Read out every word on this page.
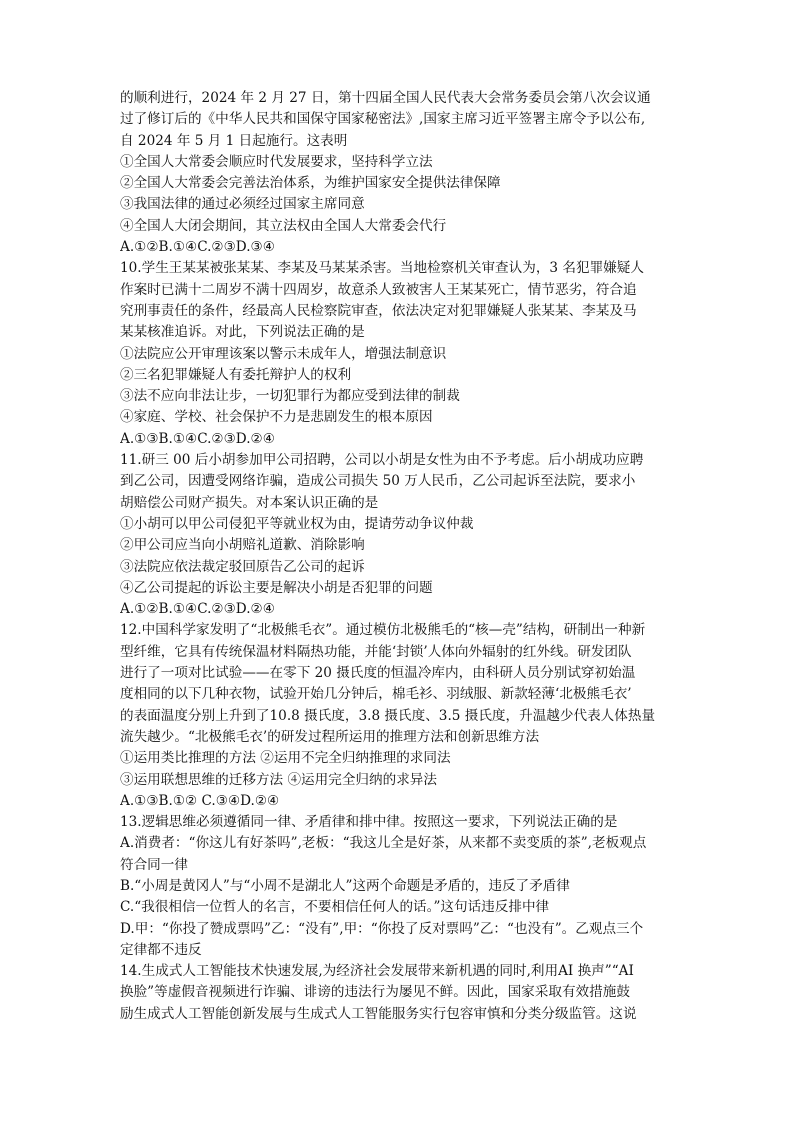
的顺利进行，2024 年 2 月 27 日，第十四届全国人民代表大会常务委员会第八次会议通
过了修订后的《中华人民共和国保守国家秘密法》,国家主席习近平签署主席令予以公布,
自 2024 年 5 月 1 日起施行。这表明
①全国人大常委会顺应时代发展要求，坚持科学立法
②全国人大常委会完善法治体系，为维护国家安全提供法律保障
③我国法律的通过必须经过国家主席同意
④全国人大闭会期间，其立法权由全国人大常委会代行
A.①②B.①④C.②③D.③④
10.学生王某某被张某某、李某及马某某杀害。当地检察机关审查认为，3 名犯罪嫌疑人
作案时已满十二周岁不满十四周岁，故意杀人致被害人王某某死亡，情节恶劣，符合追
究刑事责任的条件，经最高人民检察院审查，依法决定对犯罪嫌疑人张某某、李某及马
某某核准追诉。对此，下列说法正确的是
①法院应公开审理该案以警示未成年人，增强法制意识
②三名犯罪嫌疑人有委托辩护人的权利
③法不应向非法让步，一切犯罪行为都应受到法律的制裁
④家庭、学校、社会保护不力是悲剧发生的根本原因
A.①③B.①④C.②③D.②④
11.研三 00 后小胡参加甲公司招聘，公司以小胡是女性为由不予考虑。后小胡成功应聘
到乙公司，因遭受网络诈骗，造成公司损失 50 万人民币，乙公司起诉至法院，要求小
胡赔偿公司财产损失。对本案认识正确的是
①小胡可以甲公司侵犯平等就业权为由，提请劳动争议仲裁
②甲公司应当向小胡赔礼道歉、消除影响
③法院应依法裁定驳回原告乙公司的起诉
④乙公司提起的诉讼主要是解决小胡是否犯罪的问题
A.①②B.①④C.②③D.②④
12.中国科学家发明了“北极熊毛衣”。通过模仿北极熊毛的“核—壳”结构，研制出一种新
型纤维，它具有传统保温材料隔热功能，并能‘封锁’人体向外辐射的红外线。研发团队
进行了一项对比试验——在零下 20 摄氏度的恒温冷库内，由科研人员分别试穿初始温
度相同的以下几种衣物，试验开始几分钟后，棉毛衫、羽绒服、新款轻薄‘北极熊毛衣’
的表面温度分别上升到了10.8 摄氏度，3.8 摄氏度、3.5 摄氏度，升温越少代表人体热量
流失越少。“北极熊毛衣’的研发过程所运用的推理方法和创新思维方法
①运用类比推理的方法 ②运用不完全归纳推理的求同法
③运用联想思维的迁移方法 ④运用完全归纳的求异法
A.①③B.①② C.③④D.②④
13.逻辑思维必须遵循同一律、矛盾律和排中律。按照这一要求，下列说法正确的是
A.消费者：“你这儿有好茶吗”,老板：“我这儿全是好茶，从来都不卖变质的茶”,老板观点
符合同一律
B.“小周是黄冈人”与“小周不是湖北人”这两个命题是矛盾的，违反了矛盾律
C.“我很相信一位哲人的名言，不要相信任何人的话。”这句话违反排中律
D.甲：“你投了赞成票吗”乙：“没有”,甲：“你投了反对票吗”乙：“也没有”。乙观点三个
定律都不违反
14.生成式人工智能技术快速发展,为经济社会发展带来新机遇的同时,利用AI 换声”“AI
换脸”等虚假音视频进行诈骗、诽谤的违法行为屡见不鲜。因此，国家采取有效措施鼓
励生成式人工智能创新发展与生成式人工智能服务实行包容审慎和分类分级监管。这说
